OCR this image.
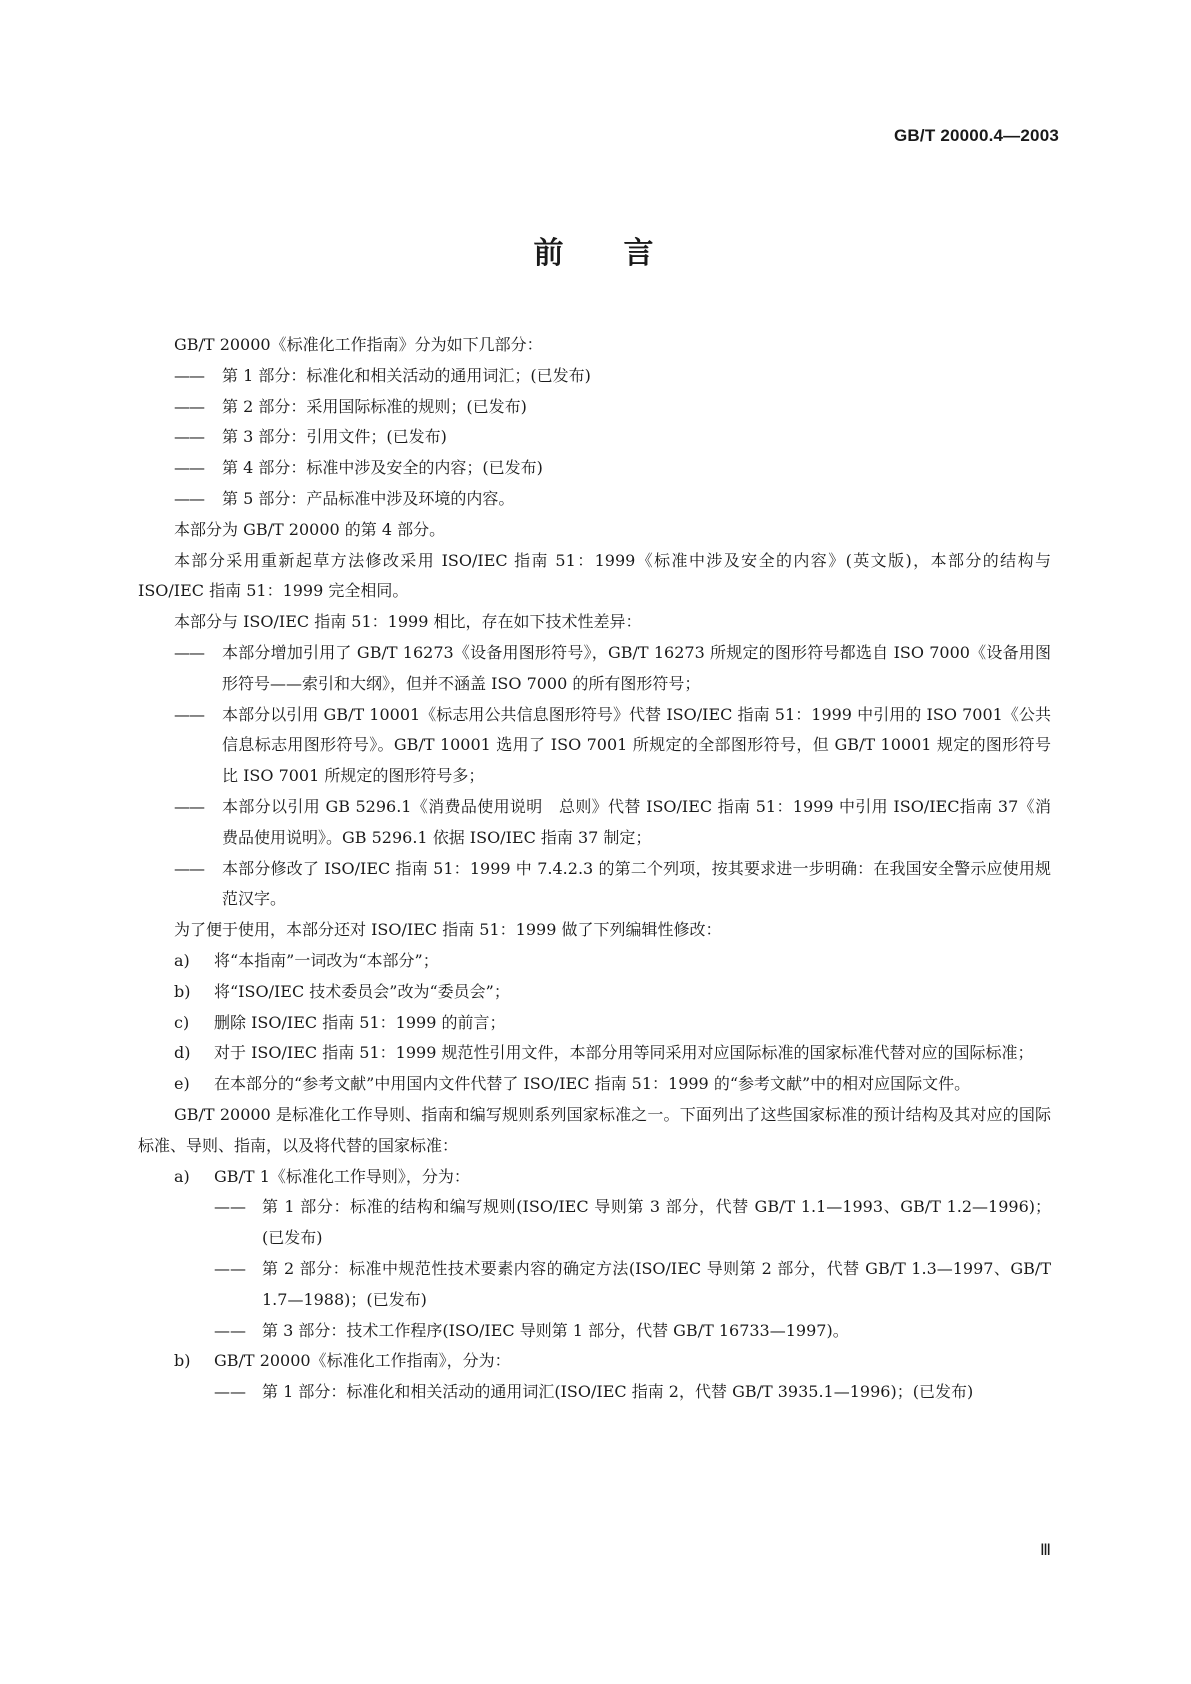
GB/T 20000.4—2003
前 言

GB/T 20000《标准化工作指南》分为如下几部分：

——	第 1 部分：标准化和相关活动的通用词汇；(已发布)
——	第 2 部分：采用国际标准的规则；(已发布)
——	第 3 部分：引用文件；(已发布)
——	第 4 部分：标准中涉及安全的内容；(已发布)
——	第 5 部分：产品标准中涉及环境的内容。

本部分为 GB/T 20000 的第 4 部分。

本部分采用重新起草方法修改采用 ISO/IEC 指南 51：1999《标准中涉及安全的内容》(英文版)，本部分的结构与 ISO/IEC 指南 51：1999 完全相同。

本部分与 ISO/IEC 指南 51：1999 相比，存在如下技术性差异：

——	本部分增加引用了 GB/T 16273《设备用图形符号》，GB/T 16273 所规定的图形符号都选自 ISO 7000《设备用图形符号——索引和大纲》，但并不涵盖 ISO 7000 的所有图形符号；
——	本部分以引用 GB/T 10001《标志用公共信息图形符号》代替 ISO/IEC 指南 51：1999 中引用的 ISO 7001《公共信息标志用图形符号》。GB/T 10001 选用了 ISO 7001 所规定的全部图形符号，但 GB/T 10001 规定的图形符号比 ISO 7001 所规定的图形符号多；
——	本部分以引用 GB 5296.1《消费品使用说明　总则》代替 ISO/IEC 指南 51：1999 中引用 ISO/IEC指南 37《消费品使用说明》。GB 5296.1 依据 ISO/IEC 指南 37 制定；
——	本部分修改了 ISO/IEC 指南 51：1999 中 7.4.2.3 的第二个列项，按其要求进一步明确：在我国安全警示应使用规范汉字。

为了便于使用，本部分还对 ISO/IEC 指南 51：1999 做了下列编辑性修改：

a)	将“本指南”一词改为“本部分”；
b)	将“ISO/IEC 技术委员会”改为“委员会”；
c)	删除 ISO/IEC 指南 51：1999 的前言；
d)	对于 ISO/IEC 指南 51：1999 规范性引用文件，本部分用等同采用对应国际标准的国家标准代替对应的国际标准；
e)	在本部分的“参考文献”中用国内文件代替了 ISO/IEC 指南 51：1999 的“参考文献”中的相对应国际文件。

GB/T 20000 是标准化工作导则、指南和编写规则系列国家标准之一。下面列出了这些国家标准的预计结构及其对应的国际标准、导则、指南，以及将代替的国家标准：

a)	GB/T 1《标准化工作导则》，分为：
——	第 1 部分：标准的结构和编写规则(ISO/IEC 导则第 3 部分，代替 GB/T 1.1—1993、GB/T 1.2—1996)；(已发布)
——	第 2 部分：标准中规范性技术要素内容的确定方法(ISO/IEC 导则第 2 部分，代替 GB/T 1.3—1997、GB/T 1.7—1988)；(已发布)
——	第 3 部分：技术工作程序(ISO/IEC 导则第 1 部分，代替 GB/T 16733—1997)。
b)	GB/T 20000《标准化工作指南》，分为：
——	第 1 部分：标准化和相关活动的通用词汇(ISO/IEC 指南 2，代替 GB/T 3935.1—1996)；(已发布)
Ⅲ
